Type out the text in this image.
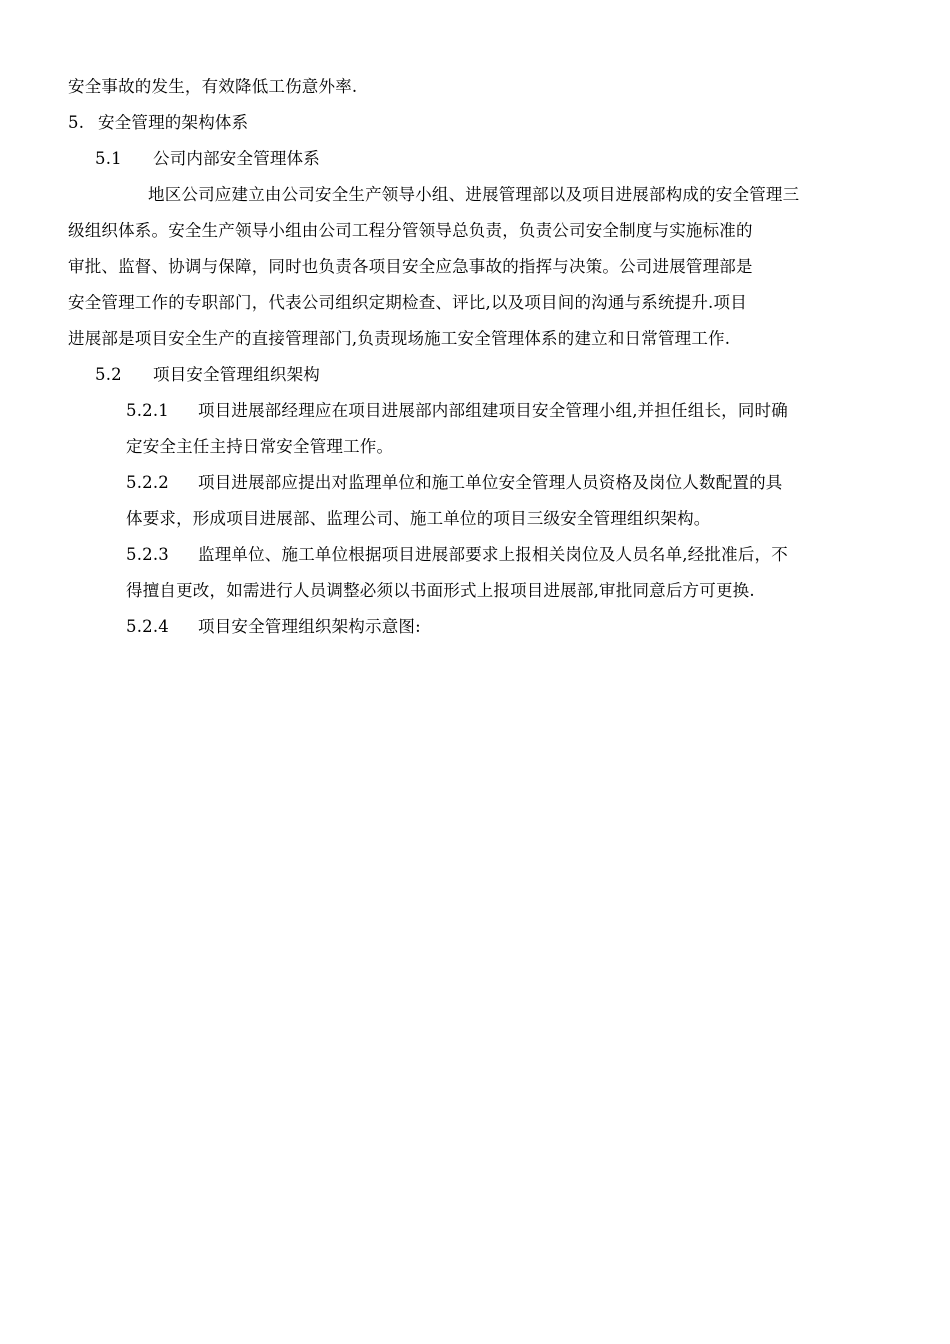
安全事故的发生，有效降低工伤意外率.
5. 安全管理的架构体系
5.1 公司内部安全管理体系
地区公司应建立由公司安全生产领导小组、进展管理部以及项目进展部构成的安全管理三
级组织体系。安全生产领导小组由公司工程分管领导总负责，负责公司安全制度与实施标准的
审批、监督、协调与保障，同时也负责各项目安全应急事故的指挥与决策。公司进展管理部是
安全管理工作的专职部门，代表公司组织定期检查、评比,以及项目间的沟通与系统提升.项目
进展部是项目安全生产的直接管理部门,负责现场施工安全管理体系的建立和日常管理工作.
5.2 项目安全管理组织架构
5.2.1 项目进展部经理应在项目进展部内部组建项目安全管理小组,并担任组长，同时确
定安全主任主持日常安全管理工作。
5.2.2 项目进展部应提出对监理单位和施工单位安全管理人员资格及岗位人数配置的具
体要求，形成项目进展部、监理公司、施工单位的项目三级安全管理组织架构。
5.2.3 监理单位、施工单位根据项目进展部要求上报相关岗位及人员名单,经批准后，不
得擅自更改，如需进行人员调整必须以书面形式上报项目进展部,审批同意后方可更换.
5.2.4 项目安全管理组织架构示意图:
